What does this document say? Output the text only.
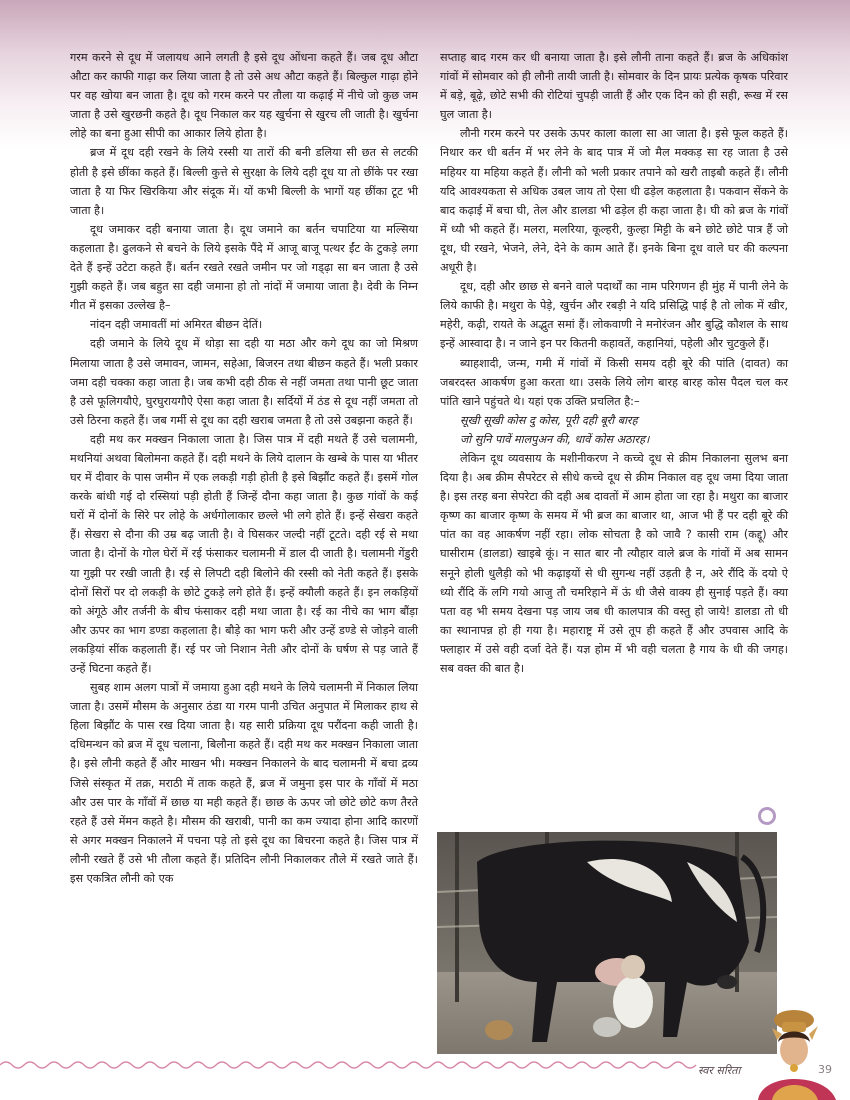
गरम करने से दूध में जलायध आने लगती है इसे दूध ओंधना कहते हैं। जब दूध औटा औटा कर काफी गाढ़ा कर लिया जाता है तो उसे अध औटा कहते हैं। बिल्कुल गाढ़ा होने पर वह खोया बन जाता है। दूध को गरम करने पर तौला या कढ़ाई में नीचे जो कुछ जम जाता है उसे खुरछनी कहते है। दूध निकाल कर यह खुर्चना से खुरच ली जाती है। खुर्चना लोहे का बना हुआ सीपी का आकार लिये होता है।

ब्रज में दूध दही रखने के लिये रस्सी या तारों की बनी डलिया सी छत से लटकी होती है इसे छींका कहते हैं। बिल्ली कुत्ते से सुरक्षा के लिये दही दूध या तो छींके पर रखा जाता है या फिर खिरकिया और संदूक में। यों कभी बिल्ली के भागों यह छींका टूट भी जाता है।

दूध जमाकर दही बनाया जाता है। दूध जमाने का बर्तन चपाटिया या मल्सिया कहलाता है। ढुलकने से बचने के लिये इसके पैंदे में आजू बाजू पत्थर ईंट के टुकड़े लगा देते हैं इन्हें उटेटा कहते हैं। बर्तन रखते रखते जमीन पर जो गड्ढ़ा सा बन जाता है उसे गुझी कहते हैं। जब बहुत सा दही जमाना हो तो नांदों में जमाया जाता है। देवी के निम्न गीत में इसका उल्लेख है–

नांदन दही जमावतीं मां अमिरत बीछन देतिं।

दही जमाने के लिये दूध में थोड़ा सा दही या मठा और कगे दूध का जो मिश्रण मिलाया जाता है उसे जमावन, जामन, सहेआ, बिजरन तथा बीछन कहते हैं। भली प्रकार जमा दही चक्का कहा जाता है। जब कभी दही ठीक से नहीं जमता तथा पानी छूट जाता है उसे फूलिगयौऐ, घुरघुरायगौऐ ऐसा कहा जाता है। सर्दियों में ठंड से दूध नहीं जमता तो उसे ठिरना कहते हैं। जब गर्मी से दूध का दही खराब जमता है तो उसे उबझना कहते हैं।

दही मथ कर मक्खन निकाला जाता है। जिस पात्र में दही मथते हैं उसे चलामनी, मथनियां अथवा बिलोमना कहते हैं। दही मथने के लिये दालान के खम्बे के पास या भीतर घर में दीवार के पास जमीन में एक लकड़ी गड़ी होती है इसे बिझौंट कहते हैं। इसमें गोल करके बांधी गई दो रस्सियां पड़ी होती हैं जिन्हें दौना कहा जाता है। कुछ गांवों के कई घरों में दोनों के सिरे पर लोहे के अर्धगोलाकार छल्ले भी लगे होते हैं। इन्हें सेखरा कहते हैं। सेखरा से दौना की उम्र बढ़ जाती है। वे घिसकर जल्दी नहीं टूटते। दही रई से मथा जाता है। दोनों के गोल घेरों में रई फंसाकर चलामनी में डाल दी जाती है। चलामनी गेंडुरी या गुझी पर रखी जाती है। रई से लिपटी दही बिलोने की रस्सी को नेती कहते हैं। इसके दोनों सिरों पर दो लकड़ी के छोटे टुकड़े लगे होते हैं। इन्हें क्यौली कहते हैं। इन लकड़ियों को अंगूठे और तर्जनी के बीच फंसाकर दही मथा जाता है। रई का नीचे का भाग बौंड़ा और ऊपर का भाग डण्डा कहलाता है। बौड़े का भाग फरी और उन्हें डण्डे से जोड़ने वाली लकड़ियां सींक कहलाती हैं। रई पर जो निशान नेती और दोनों के घर्षण से पड़ जाते हैं उन्हें घिटना कहते हैं।

सुबह शाम अलग पात्रों में जमाया हुआ दही मथने के लिये चलामनी में निकाल लिया जाता है। उसमें मौसम के अनुसार ठंडा या गरम पानी उचित अनुपात में मिलाकर हाथ से हिला बिझौंट के पास रख दिया जाता है। यह सारी प्रक्रिया दूध परौंदना कही जाती है। दधिमन्थन को ब्रज में दूध चलाना, बिलौना कहते हैं। दही मथ कर मक्खन निकाला जाता है। इसे लौनी कहते हैं और माखन भी। मक्खन निकालने के बाद चलामनी में बचा द्रव्य जिसे संस्कृत में तक्र, मराठी में ताक कहते हैं, ब्रज में जमुना इस पार के गाँवों में मठा और उस पार के गाँवों में छाछ या मही कहते हैं। छाछ के ऊपर जो छोटे छोटे कण तैरते रहते हैं उसे मेंमन कहते है। मौसम की खराबी, पानी का कम ज्यादा होना आदि कारणों से अगर मक्खन निकालने में पचना पड़े तो इसे दूध का बिचरना कहते है। जिस पात्र में लौनी रखते हैं उसे भी तौला कहते हैं। प्रतिदिन लौनी निकालकर तौले में रखते जाते हैं। इस एकत्रित लौनी को एक

सप्ताह बाद गरम कर धी बनाया जाता है। इसे लौनी ताना कहते हैं। ब्रज के अधिकांश गांवों में सोमवार को ही लौनी तायी जाती है। सोमवार के दिन प्रायः प्रत्येक कृषक परिवार में बड़े, बूढ़े, छोटे सभी की रोटियां चुपड़ी जाती हैं और एक दिन को ही सही, रूख में रस घुल जाता है।

लौनी गरम करने पर उसके ऊपर काला काला सा आ जाता है। इसे फूल कहते हैं। निथार कर धी बर्तन में भर लेने के बाद पात्र में जो मैल मक्कड़ सा रह जाता है उसे महियर या महिया कहते हैं। लौनी को भली प्रकार तपाने को खरौ ताइबौ कहते हैं। लौनी यदि आवश्यकता से अधिक उबल जाय तो ऐसा धी ढड़ेल कहलाता है। पकवान सेंकने के बाद कढ़ाई में बचा घी, तेल और डालडा भी ढड़ेल ही कहा जाता है। घी को ब्रज के गांवों में ध्यौ भी कहते हैं। मलरा, मलरिया, कूल्हरी, कुल्हा मिट्टी के बने छोटे छोटे पात्र हैं जो दूध, घी रखने, भेजने, लेने, देने के काम आते हैं। इनके बिना दूध वाले घर की कल्पना अधूरी है।

दूध, दही और छाछ से बनने वाले पदार्थों का नाम परिगणन ही मुंह में पानी लेने के लिये काफी है। मथुरा के पेड़े, खुर्चन और रबड़ी ने यदि प्रसिद्धि पाई है तो लोक में खीर, महेरी, कढ़ी, रायते के अद्भुत समां हैं। लोकवाणी ने मनोरंजन और बुद्धि कौशल के साथ इन्हें आस्वादा है। न जाने इन पर कितनी कहावतें, कहानियां, पहेली और चुटकुले हैं।

ब्याहशादी, जन्म, गमी में गांवों में किसी समय दही बूरे की पांति (दावत) का जबरदस्त आकर्षण हुआ करता था। उसके लिये लोग बारह बारह कोस पैदल चल कर पांति खाने पहुंचते थे। यहां एक उक्ति प्रचलित है:–

सूखी सूखी कोस दु कोस, पूरी दही बूरौ बारह

जो सुनि पावें मालपुअन की, धावें कोस अठारह।

लेकिन दूध व्यवसाय के मशीनीकरण ने कच्चे दूध से क्रीम निकालना सुलभ बना दिया है। अब क्रीम सैपरेटर से सीधे कच्चे दूध से क्रीम निकाल वह दूध जमा दिया जाता है। इस तरह बना सेपरेटा की दही अब दावतों में आम होता जा रहा है। मथुरा का बाजार कृष्ण का बाजार कृष्ण के समय में भी ब्रज का बाजार था, आज भी हैं पर दही बूरे की पांत का वह आकर्षण नहीं रहा। लोक सोचता है को जावै ? कासी राम (कद्दू) और घासीराम (डालडा) खाइबे कूं। न सात बार नौ त्यौहार वाले ब्रज के गांवों में अब सामन सनूने होली धुलैड़ी को भी कढ़ाइयों से धी सुगन्ध नहीं उड़ती है न, अरे रौंदि कें दयो ऐ ध्यो रौंदि कें लगि गयो आजु तौ चमरिहाने में ऊं धी जैसे वाक्य ही सुनाई पड़ते हैं। क्या पता वह भी समय देखना पड़ जाय जब धी कालपात्र की वस्तु हो जाये! डालडा तो धी का स्थानापन्न हो ही गया है। महाराष्ट्र में उसे तूप ही कहते हैं और उपवास आदि के फ्लाहार में उसे वही दर्जा देते हैं। यज्ञ होम में भी वही चलता है गाय के धी की जगह। सब वक्त की बात है।

स्वर सरिता	39
